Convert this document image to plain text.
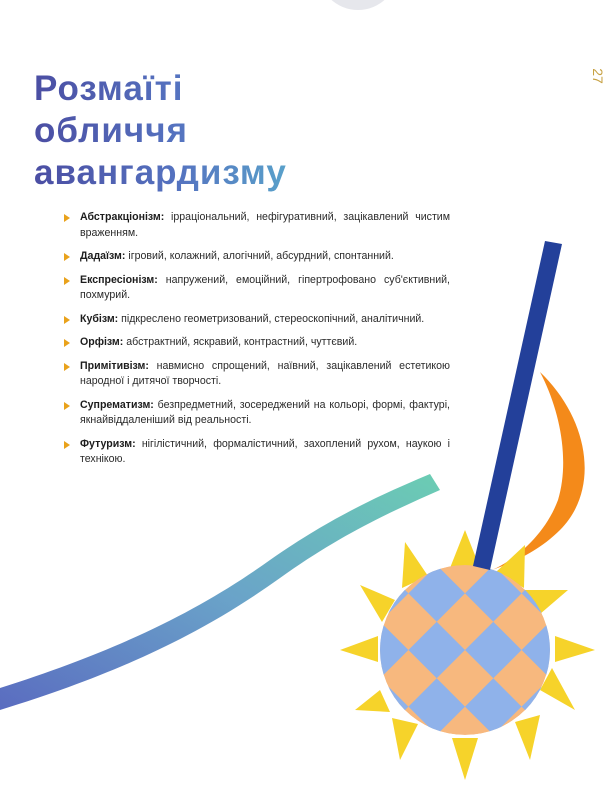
27
Розмаїті
обличчя
авангардизму
Абстракціонізм: ірраціональний, нефігуративний, зацікавлений чистим враженням.
Дадаїзм: ігровий, колажний, алогічний, абсурдний, спонтанний.
Експресіонізм: напружений, емоційний, гіпертрофовано суб'єктивний, похмурий.
Кубізм: підкреслено геометризований, стереоскопічний, аналітичний.
Орфізм: абстрактний, яскравий, контрастний, чуттєвий.
Примітивізм: навмисно спрощений, наївний, зацікавлений естетикою народної і дитячої творчості.
Супрематизм: безпредметний, зосереджений на кольорі, формі, фактурі, якнайвіддаленіший від реальності.
Футуризм: нігілістичний, формалістичний, захоплений рухом, наукою і технікою.
